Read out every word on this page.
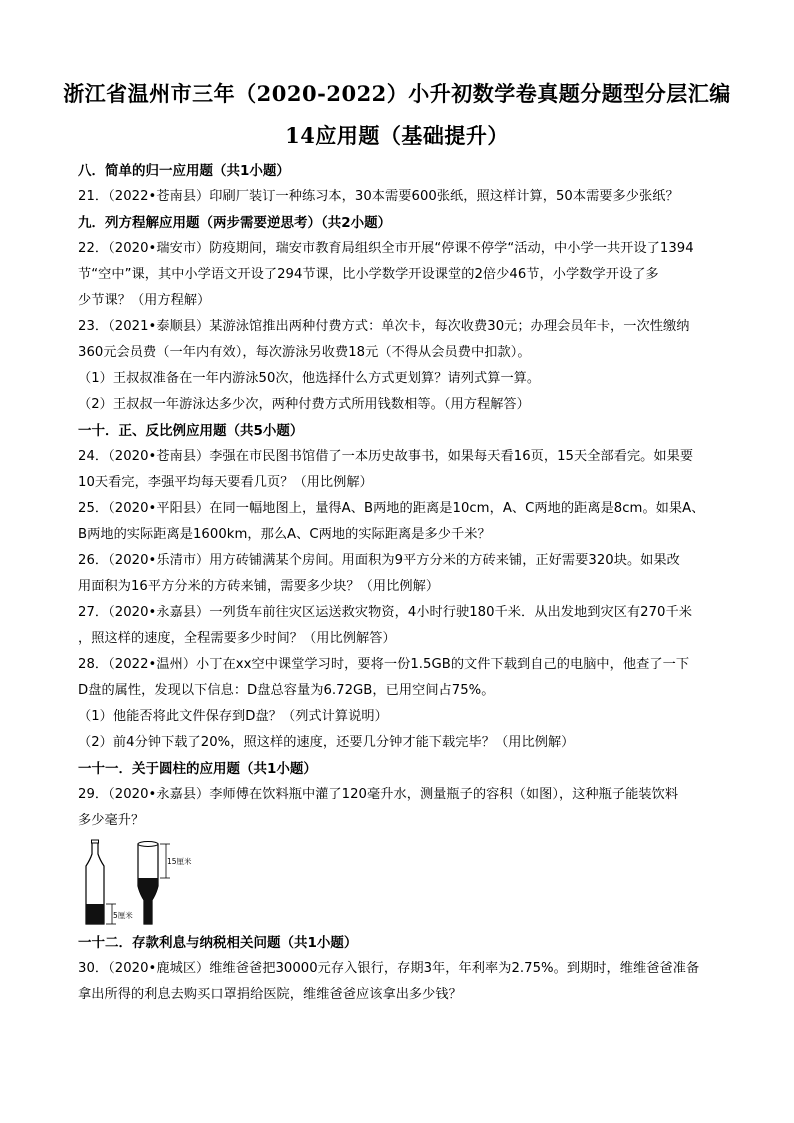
浙江省温州市三年（2020-2022）小升初数学卷真题分题型分层汇编
14应用题（基础提升）
八．简单的归一应用题（共1小题）
21．（2022•苍南县）印刷厂装订一种练习本，30本需要600张纸，照这样计算，50本需要多少张纸？
九．列方程解应用题（两步需要逆思考）（共2小题）
22．（2020•瑞安市）防疫期间，瑞安市教育局组织全市开展“停课不停学“活动，中小学一共开设了1394
节“空中”课，其中小学语文开设了294节课，比小学数学开设课堂的2倍少46节，小学数学开设了多
少节课？（用方程解）
23．（2021•泰顺县）某游泳馆推出两种付费方式：单次卡，每次收费30元；办理会员年卡，一次性缴纳
360元会员费（一年内有效），每次游泳另收费18元（不得从会员费中扣款）。
（1）王叔叔准备在一年内游泳50次，他选择什么方式更划算？请列式算一算。
（2）王叔叔一年游泳达多少次，两种付费方式所用钱数相等。（用方程解答）
一十．正、反比例应用题（共5小题）
24．（2020•苍南县）李强在市民图书馆借了一本历史故事书，如果每天看16页，15天全部看完。如果要
10天看完，李强平均每天要看几页？（用比例解）
25．（2020•平阳县）在同一幅地图上，量得A、B两地的距离是10cm，A、C两地的距离是8cm。如果A、
B两地的实际距离是1600km，那么A、C两地的实际距离是多少千米？
26．（2020•乐清市）用方砖铺满某个房间。用面积为9平方分米的方砖来铺，正好需要320块。如果改
用面积为16平方分米的方砖来铺，需要多少块？（用比例解）
27．（2020•永嘉县）一列货车前往灾区运送救灾物资，4小时行驶180千米．从出发地到灾区有270千米
，照这样的速度，全程需要多少时间？（用比例解答）
28．（2022•温州）小丁在xx空中课堂学习时，要将一份1.5GB的文件下载到自己的电脑中，他查了一下
D盘的属性，发现以下信息：D盘总容量为6.72GB，已用空间占75%。
（1）他能否将此文件保存到D盘？（列式计算说明）
（2）前4分钟下载了20%，照这样的速度，还要几分钟才能下载完毕？（用比例解）
一十一．关于圆柱的应用题（共1小题）
29．（2020•永嘉县）李师傅在饮料瓶中灌了120毫升水，测量瓶子的容积（如图），这种瓶子能装饮料
多少毫升？
15厘米
5厘米
一十二．存款利息与纳税相关问题（共1小题）
30．（2020•鹿城区）维维爸爸把30000元存入银行，存期3年，年利率为2.75%。到期时，维维爸爸准备
拿出所得的利息去购买口罩捐给医院，维维爸爸应该拿出多少钱？
